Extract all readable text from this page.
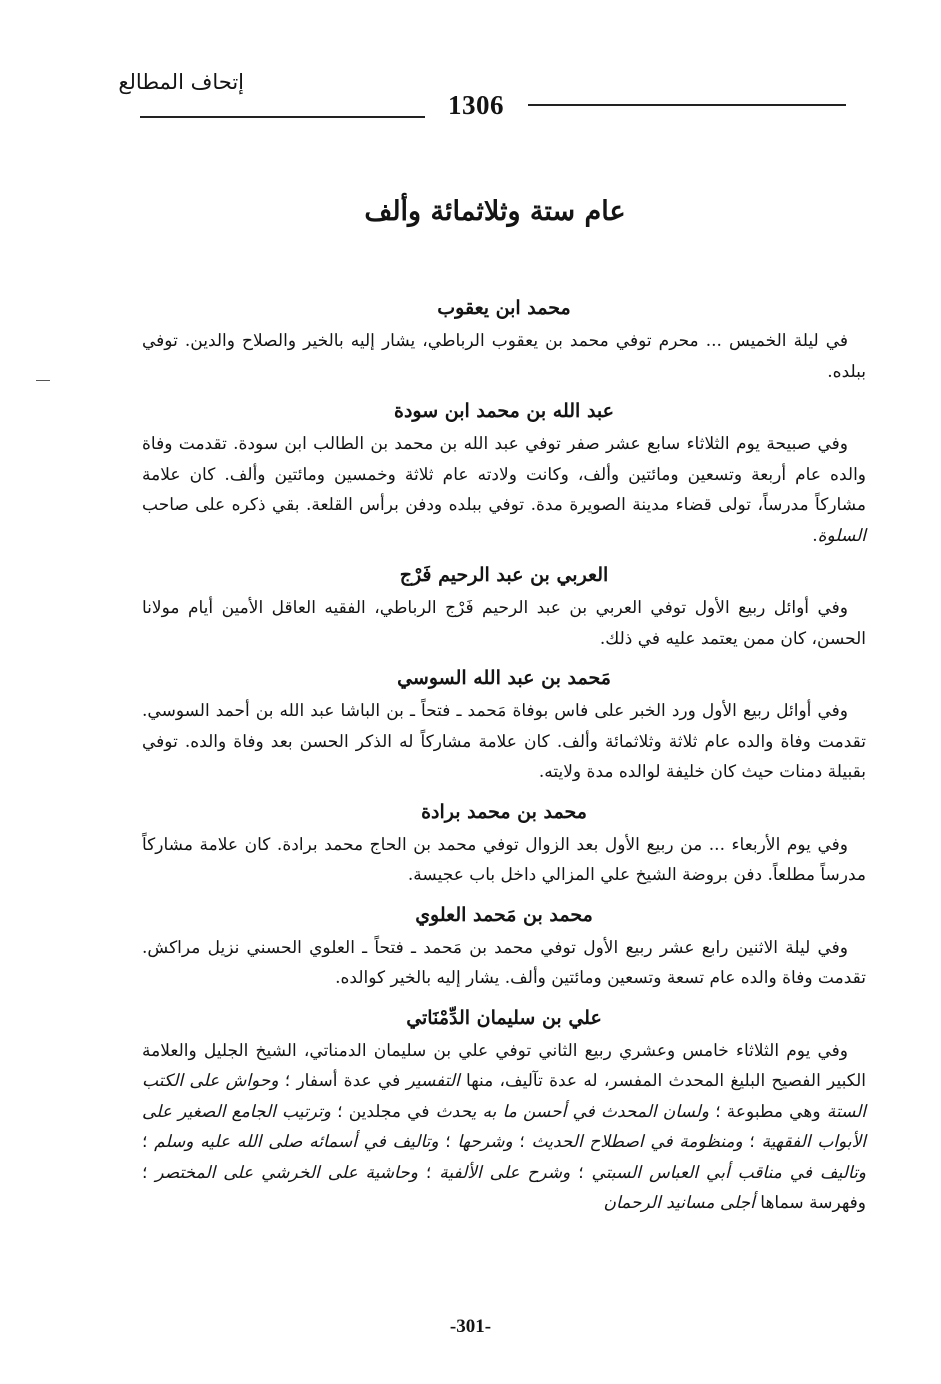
إتحاف المطالع
1306
عام ستة وثلاثمائة وألف
محمد ابن يعقوب

في ليلة الخميس ... محرم توفي محمد بن يعقوب الرباطي، يشار إليه بالخير والصلاح والدين. توفي ببلده.

عبد الله بن محمد ابن سودة

وفي صبيحة يوم الثلاثاء سابع عشر صفر توفي عبد الله بن محمد بن الطالب ابن سودة. تقدمت وفاة والده عام أربعة وتسعين ومائتين وألف، وكانت ولادته عام ثلاثة وخمسين ومائتين وألف. كان علامة مشاركاً مدرساً، تولى قضاء مدينة الصويرة مدة. توفي ببلده ودفن برأس القلعة. بقي ذكره على صاحب السلوة.

العربي بن عبد الرحيم فَرْج

وفي أوائل ربيع الأول توفي العربي بن عبد الرحيم فَرْج الرباطي، الفقيه العاقل الأمين أيام مولانا الحسن، كان ممن يعتمد عليه في ذلك.

مَحمد بن عبد الله السوسي

وفي أوائل ربيع الأول ورد الخبر على فاس بوفاة مَحمد ـ فتحاً ـ بن الباشا عبد الله بن أحمد السوسي. تقدمت وفاة والده عام ثلاثة وثلاثمائة وألف. كان علامة مشاركاً له الذكر الحسن بعد وفاة والده. توفي بقبيلة دمنات حيث كان خليفة لوالده مدة ولايته.

محمد بن محمد برادة

وفي يوم الأربعاء ... من ربيع الأول بعد الزوال توفي محمد بن الحاج محمد برادة. كان علامة مشاركاً مدرساً مطلعاً. دفن بروضة الشيخ علي المزالي داخل باب عجيسة.

محمد بن مَحمد العلوي

وفي ليلة الاثنين رابع عشر ربيع الأول توفي محمد بن مَحمد ـ فتحاً ـ العلوي الحسني نزيل مراكش. تقدمت وفاة والده عام تسعة وتسعين ومائتين وألف. يشار إليه بالخير كوالده.

علي بن سليمان الدِّمْنَاتي

وفي يوم الثلاثاء خامس وعشري ربيع الثاني توفي علي بن سليمان الدمناتي، الشيخ الجليل والعلامة الكبير الفصيح البليغ المحدث المفسر، له عدة تآليف، منها التفسير في عدة أسفار ؛ وحواش على الكتب الستة وهي مطبوعة ؛ ولسان المحدث في أحسن ما به يحدث في مجلدين ؛ وترتيب الجامع الصغير على الأبواب الفقهية ؛ ومنظومة في اصطلاح الحديث ؛ وشرحها ؛ وتاليف في أسمائه صلى الله عليه وسلم ؛ وتاليف في مناقب أبي العباس السبتي ؛ وشرح على الألفية ؛ وحاشية على الخرشي على المختصر ؛ وفهرسة سماها أجلى مسانيد الرحمان

-301-
